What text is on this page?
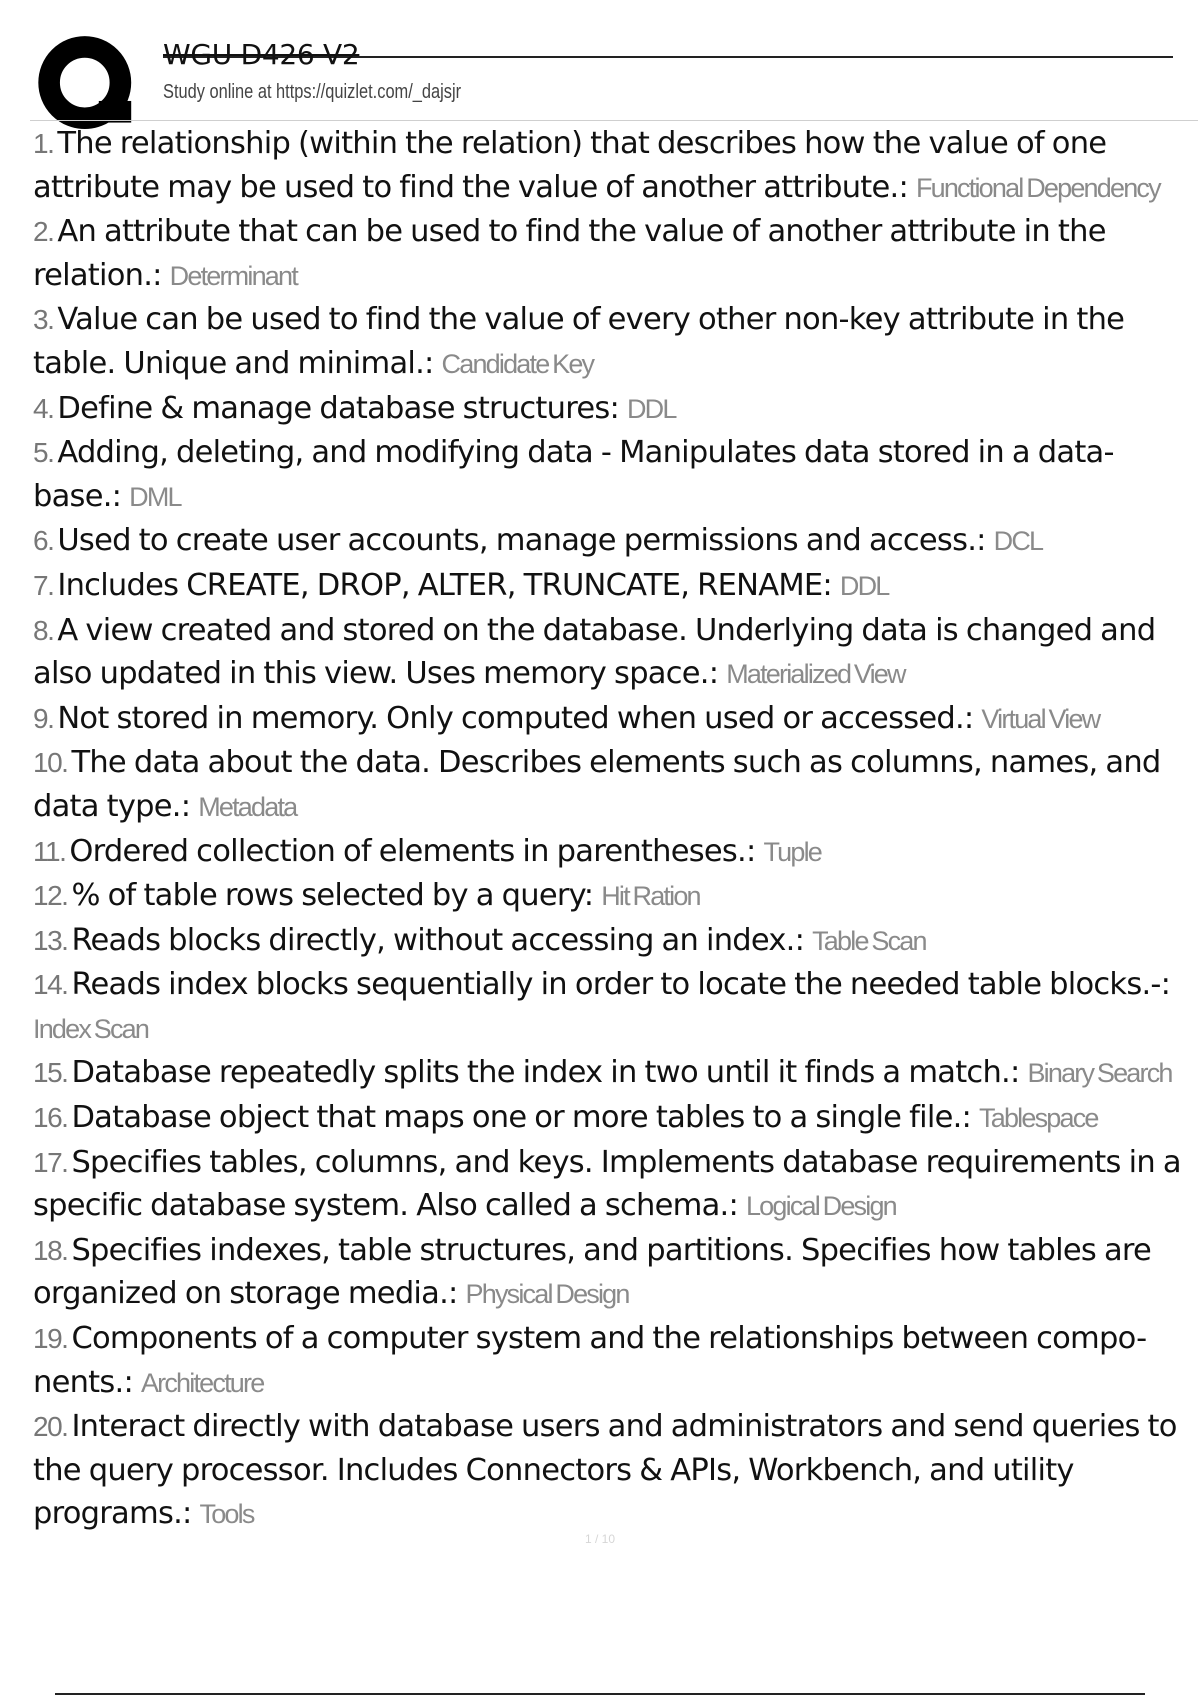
WGU D426 V2
Study online at https://quizlet.com/_dajsjr
1. The relationship (within the relation) that describes how the value of one attribute may be used to find the value of another attribute.: Functional Dependency
2. An attribute that can be used to find the value of another attribute in the relation.: Determinant
3. Value can be used to find the value of every other non-key attribute in the table. Unique and minimal.: Candidate Key
4. Define & manage database structures: DDL
5. Adding, deleting, and modifying data - Manipulates data stored in a data-base.: DML
6. Used to create user accounts, manage permissions and access.: DCL
7. Includes CREATE, DROP, ALTER, TRUNCATE, RENAME: DDL
8. A view created and stored on the database. Underlying data is changed and also updated in this view. Uses memory space.: Materialized View
9. Not stored in memory. Only computed when used or accessed.: Virtual View
10. The data about the data. Describes elements such as columns, names, and data type.: Metadata
11. Ordered collection of elements in parentheses.: Tuple
12. % of table rows selected by a query: Hit Ration
13. Reads blocks directly, without accessing an index.: Table Scan
14. Reads index blocks sequentially in order to locate the needed table blocks.-: Index Scan
15. Database repeatedly splits the index in two until it finds a match.: Binary Search
16. Database object that maps one or more tables to a single file.: Tablespace
17. Specifies tables, columns, and keys. Implements database requirements in a specific database system. Also called a schema.: Logical Design
18. Specifies indexes, table structures, and partitions. Specifies how tables are organized on storage media.: Physical Design
19. Components of a computer system and the relationships between compo-nents.: Architecture
20. Interact directly with database users and administrators and send queries to the query processor. Includes Connectors & APIs, Workbench, and utility programs.: Tools
1 / 10
